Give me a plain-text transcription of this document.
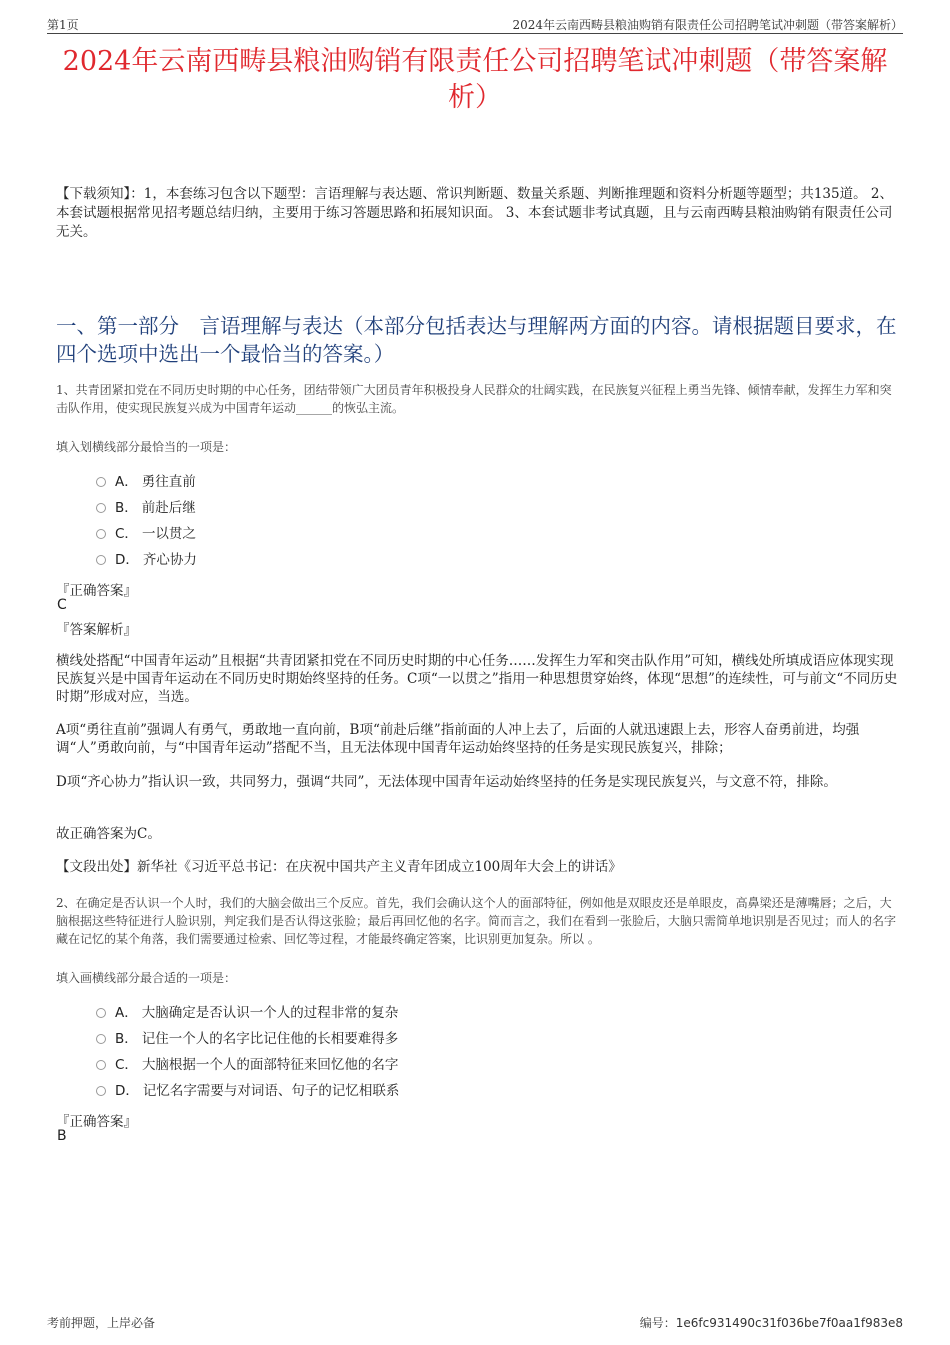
第1页	2024年云南西畴县粮油购销有限责任公司招聘笔试冲刺题（带答案解析）
2024年云南西畴县粮油购销有限责任公司招聘笔试冲刺题（带答案解析）
【下载须知】：1，本套练习包含以下题型：言语理解与表达题、常识判断题、数量关系题、判断推理题和资料分析题等题型；共135道。 2、本套试题根据常见招考题总结归纳，主要用于练习答题思路和拓展知识面。 3、本套试题非考试真题，且与云南西畴县粮油购销有限责任公司无关。
一、第一部分　言语理解与表达（本部分包括表达与理解两方面的内容。请根据题目要求，在四个选项中选出一个最恰当的答案。）
1、共青团紧扣党在不同历史时期的中心任务，团结带领广大团员青年积极投身人民群众的壮阔实践，在民族复兴征程上勇当先锋、倾情奉献，发挥生力军和突击队作用，使实现民族复兴成为中国青年运动______的恢弘主流。
填入划横线部分最恰当的一项是：
A． 勇往直前
B． 前赴后继
C． 一以贯之
D． 齐心协力
『正确答案』
C
『答案解析』
横线处搭配“中国青年运动”且根据“共青团紧扣党在不同历史时期的中心任务……发挥生力军和突击队作用”可知，横线处所填成语应体现实现民族复兴是中国青年运动在不同历史时期始终坚持的任务。C项“一以贯之”指用一种思想贯穿始终，体现“思想”的连续性，可与前文“不同历史时期”形成对应，当选。
A项“勇往直前”强调人有勇气，勇敢地一直向前，B项“前赴后继”指前面的人冲上去了，后面的人就迅速跟上去，形容人奋勇前进，均强调“人”勇敢向前，与“中国青年运动”搭配不当，且无法体现中国青年运动始终坚持的任务是实现民族复兴，排除；
D项“齐心协力”指认识一致，共同努力，强调“共同”，无法体现中国青年运动始终坚持的任务是实现民族复兴，与文意不符，排除。
故正确答案为C。
【文段出处】新华社《习近平总书记：在庆祝中国共产主义青年团成立100周年大会上的讲话》
2、在确定是否认识一个人时，我们的大脑会做出三个反应。首先，我们会确认这个人的面部特征，例如他是双眼皮还是单眼皮，高鼻梁还是薄嘴唇；之后，大脑根据这些特征进行人脸识别，判定我们是否认得这张脸；最后再回忆他的名字。简而言之，我们在看到一张脸后，大脑只需简单地识别是否见过；而人的名字藏在记忆的某个角落，我们需要通过检索、回忆等过程，才能最终确定答案，比识别更加复杂。所以 。
填入画横线部分最合适的一项是：
A． 大脑确定是否认识一个人的过程非常的复杂
B． 记住一个人的名字比记住他的长相要难得多
C． 大脑根据一个人的面部特征来回忆他的名字
D． 记忆名字需要与对词语、句子的记忆相联系
『正确答案』
B
考前押题，上岸必备	编号：1e6fc931490c31f036be7f0aa1f983e8
